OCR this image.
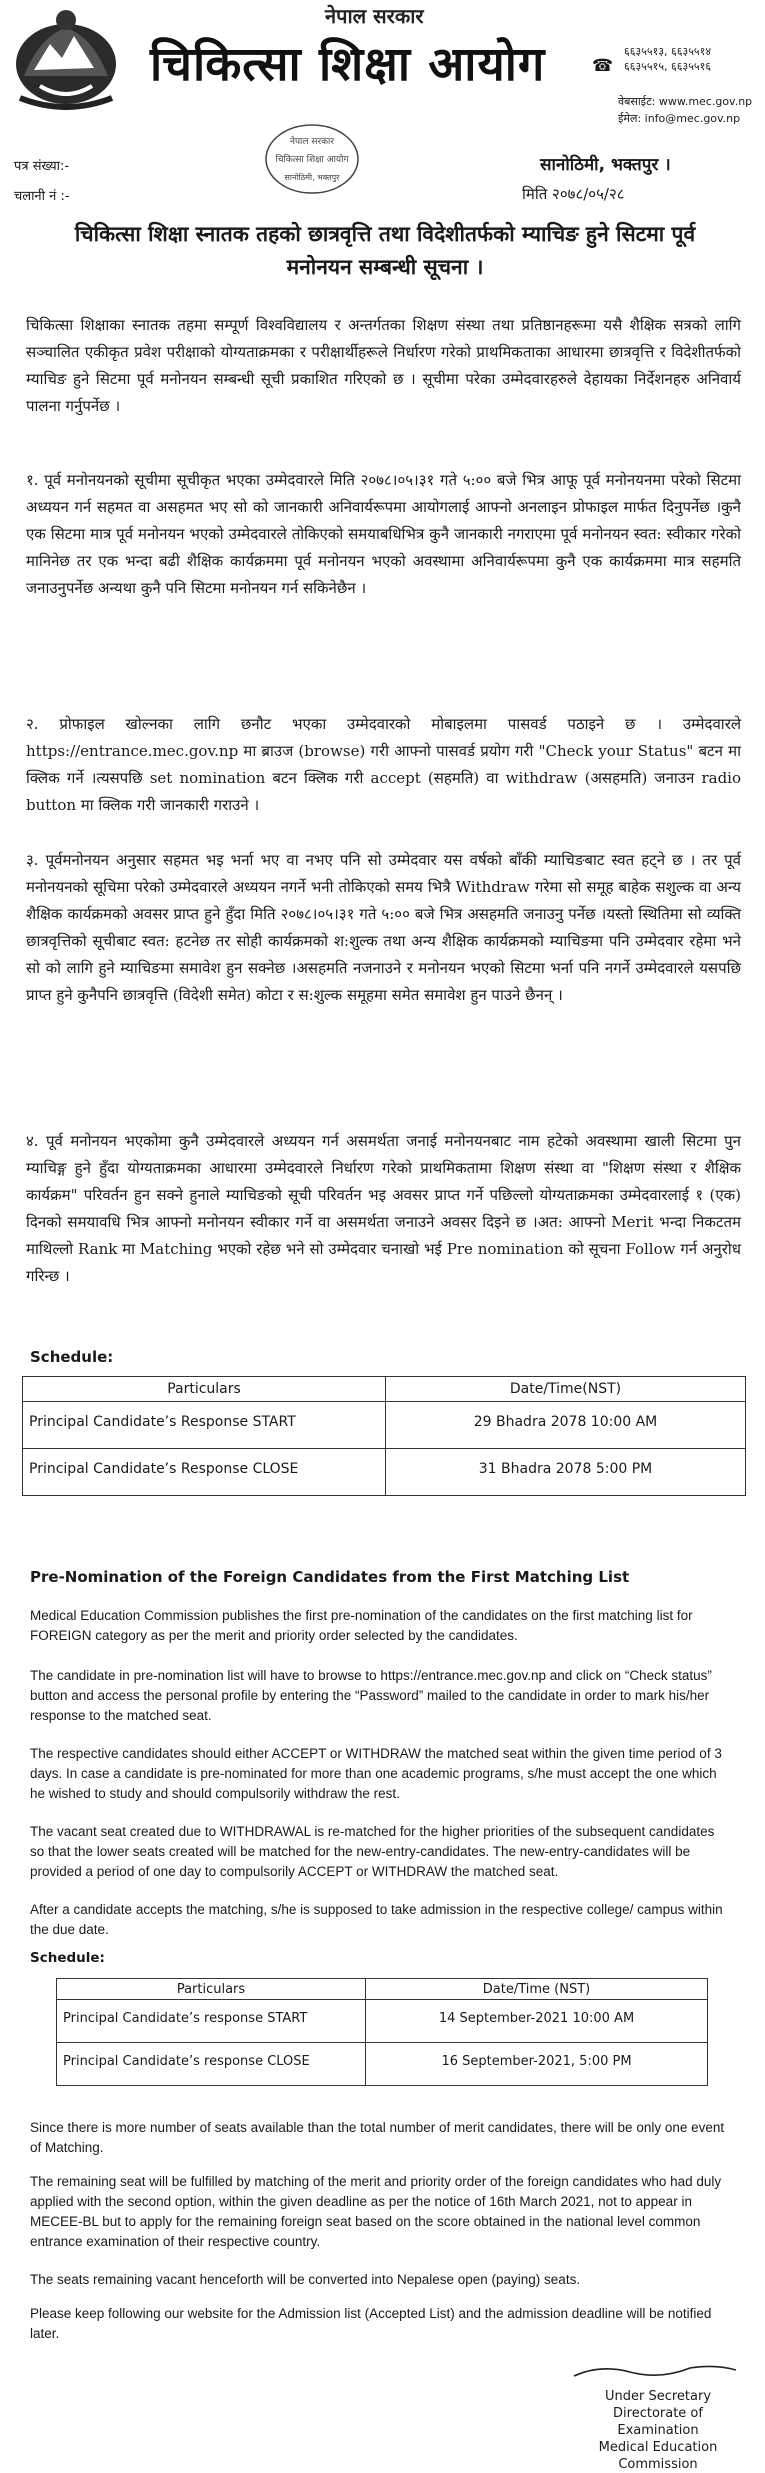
नेपाल सरकार
चिकित्सा शिक्षा आयोग	☎
६६३५५१३, ६६३५५१४
६६३५५१५, ६६३५५१६
वेबसाईट: www.mec.gov.np
ईमेल: info@mec.gov.np
नेपाल सरकार
चिकित्सा शिक्षा आयोग
सानोठिमी, भक्तपुर
पत्र संख्या:-
चलानी नं :-
सानोठिमी, भक्तपुर ।
मिति २०७८/०५/२८
चिकित्सा शिक्षा स्नातक तहको छात्रवृत्ति तथा विदेशीतर्फको म्याचिङ हुने सिटमा पूर्व मनोनयन सम्बन्धी सूचना ।
चिकित्सा शिक्षाका स्नातक तहमा सम्पूर्ण विश्वविद्यालय र अन्तर्गतका शिक्षण संस्था तथा प्रतिष्ठानहरूमा यसै शैक्षिक सत्रको लागि सञ्चालित एकीकृत प्रवेश परीक्षाको योग्यताक्रमका र परीक्षार्थीहरूले निर्धारण गरेको प्राथमिकताका आधारमा छात्रवृत्ति र विदेशीतर्फको म्याचिङ हुने सिटमा पूर्व मनोनयन सम्बन्धी सूची प्रकाशित गरिएको छ । सूचीमा परेका उम्मेदवारहरुले देहायका निर्देशनहरु अनिवार्य पालना गर्नुपर्नेछ ।
१. पूर्व मनोनयनको सूचीमा सूचीकृत भएका उम्मेदवारले मिति २०७८।०५।३१ गते ५:०० बजे भित्र आफू पूर्व मनोनयनमा परेको सिटमा अध्ययन गर्न सहमत वा असहमत भए सो को जानकारी अनिवार्यरूपमा आयोगलाई आफ्नो अनलाइन प्रोफाइल मार्फत दिनुपर्नेछ ।कुनै एक सिटमा मात्र पूर्व मनोनयन भएको उम्मेदवारले तोकिएको समयाबधिभित्र कुनै जानकारी नगराएमा पूर्व मनोनयन स्वत: स्वीकार गरेको मानिनेछ तर एक भन्दा बढी शैक्षिक कार्यक्रममा पूर्व मनोनयन भएको अवस्थामा अनिवार्यरूपमा कुनै एक कार्यक्रममा मात्र सहमति जनाउनुपर्नेछ अन्यथा कुनै पनि सिटमा मनोनयन गर्न सकिनेछैन ।
२. प्रोफाइल खोल्नका लागि छनौट भएका उम्मेदवारको मोबाइलमा पासवर्ड पठाइने छ । उम्मेदवारले https://entrance.mec.gov.np मा ब्राउज (browse) गरी आफ्नो पासवर्ड प्रयोग गरी "Check your Status" बटन मा क्लिक गर्ने ।त्यसपछि set nomination बटन क्लिक गरी accept (सहमति) वा withdraw (असहमति) जनाउन radio button मा क्लिक गरी जानकारी गराउने ।
३. पूर्वमनोनयन अनुसार सहमत भइ भर्ना भए वा नभए पनि सो उम्मेदवार यस वर्षको बाँकी म्याचिङबाट स्वत हट्ने छ । तर पूर्व मनोनयनको सूचिमा परेको उम्मेदवारले अध्ययन नगर्ने भनी तोकिएको समय भित्रै Withdraw गरेमा सो समूह बाहेक सशुल्क वा अन्य शैक्षिक कार्यक्रमको अवसर प्राप्त हुने हुँदा मिति २०७८।०५।३१ गते ५:०० बजे भित्र असहमति जनाउनु पर्नेछ ।यस्तो स्थितिमा सो व्यक्ति छात्रवृत्तिको सूचीबाट स्वत: हटनेछ तर सोही कार्यक्रमको श:शुल्क तथा अन्य शैक्षिक कार्यक्रमको म्याचिङमा पनि उम्मेदवार रहेमा भने सो को लागि हुने म्याचिङमा समावेश हुन सक्नेछ ।असहमति नजनाउने र मनोनयन भएको सिटमा भर्ना पनि नगर्ने उम्मेदवारले यसपछि प्राप्त हुने कुनैपनि छात्रवृत्ति (विदेशी समेत) कोटा र स:शुल्क समूहमा समेत समावेश हुन पाउने छैनन् ।
४. पूर्व मनोनयन भएकोमा कुनै उम्मेदवारले अध्ययन गर्न असमर्थता जनाई मनोनयनबाट नाम हटेको अवस्थामा खाली सिटमा पुन म्याचिङ्ग हुने हुँदा योग्यताक्रमका आधारमा उम्मेदवारले निर्धारण गरेको प्राथमिकतामा शिक्षण संस्था वा "शिक्षण संस्था र शैक्षिक कार्यक्रम" परिवर्तन हुन सक्ने हुनाले म्याचिङको सूची परिवर्तन भइ अवसर प्राप्त गर्ने पछिल्लो योग्यताक्रमका उम्मेदवारलाई १ (एक) दिनको समयावधि भित्र आफ्नो मनोनयन स्वीकार गर्ने वा असमर्थता जनाउने अवसर दिइने छ ।अत: आफ्नो Merit भन्दा निकटतम माथिल्लो Rank मा Matching भएको रहेछ भने सो उम्मेदवार चनाखो भई Pre nomination को सूचना Follow गर्न अनुरोध गरिन्छ ।
Schedule:
Particulars	Date/Time(NST)
Principal Candidate’s Response START	29 Bhadra 2078 10:00 AM
Principal Candidate’s Response CLOSE	31 Bhadra 2078 5:00 PM
Pre-Nomination of the Foreign Candidates from the First Matching List
Medical Education Commission publishes the first pre-nomination of the candidates on the first matching list for FOREIGN category as per the merit and priority order selected by the candidates.
The candidate in pre-nomination list will have to browse to https://entrance.mec.gov.np and click on “Check status” button and access the personal profile by entering the “Password” mailed to the candidate in order to mark his/her response to the matched seat.
The respective candidates should either ACCEPT or WITHDRAW the matched seat within the given time period of 3 days. In case a candidate is pre-nominated for more than one academic programs, s/he must accept the one which he wished to study and should compulsorily withdraw the rest.
The vacant seat created due to WITHDRAWAL is re-matched for the higher priorities of the subsequent candidates so that the lower seats created will be matched for the new-entry-candidates. The new-entry-candidates will be provided a period of one day to compulsorily ACCEPT or WITHDRAW the matched seat.
After a candidate accepts the matching, s/he is supposed to take admission in the respective college/ campus within the due date.
Schedule:
Particulars	Date/Time (NST)
Principal Candidate’s response START	14 September-2021 10:00 AM
Principal Candidate’s response CLOSE	16 September-2021, 5:00 PM
Since there is more number of seats available than the total number of merit candidates, there will be only one event of Matching.
The remaining seat will be fulfilled by matching of the merit and priority order of the foreign candidates who had duly applied with the second option, within the given deadline as per the notice of 16th March 2021, not to appear in MECEE-BL but to apply for the remaining foreign seat based on the score obtained in the national level common entrance examination of their respective country.
The seats remaining vacant henceforth will be converted into Nepalese open (paying) seats.
Please keep following our website for the Admission list (Accepted List) and the admission deadline will be notified later.
Under Secretary
Directorate of Examination
Medical Education Commission
